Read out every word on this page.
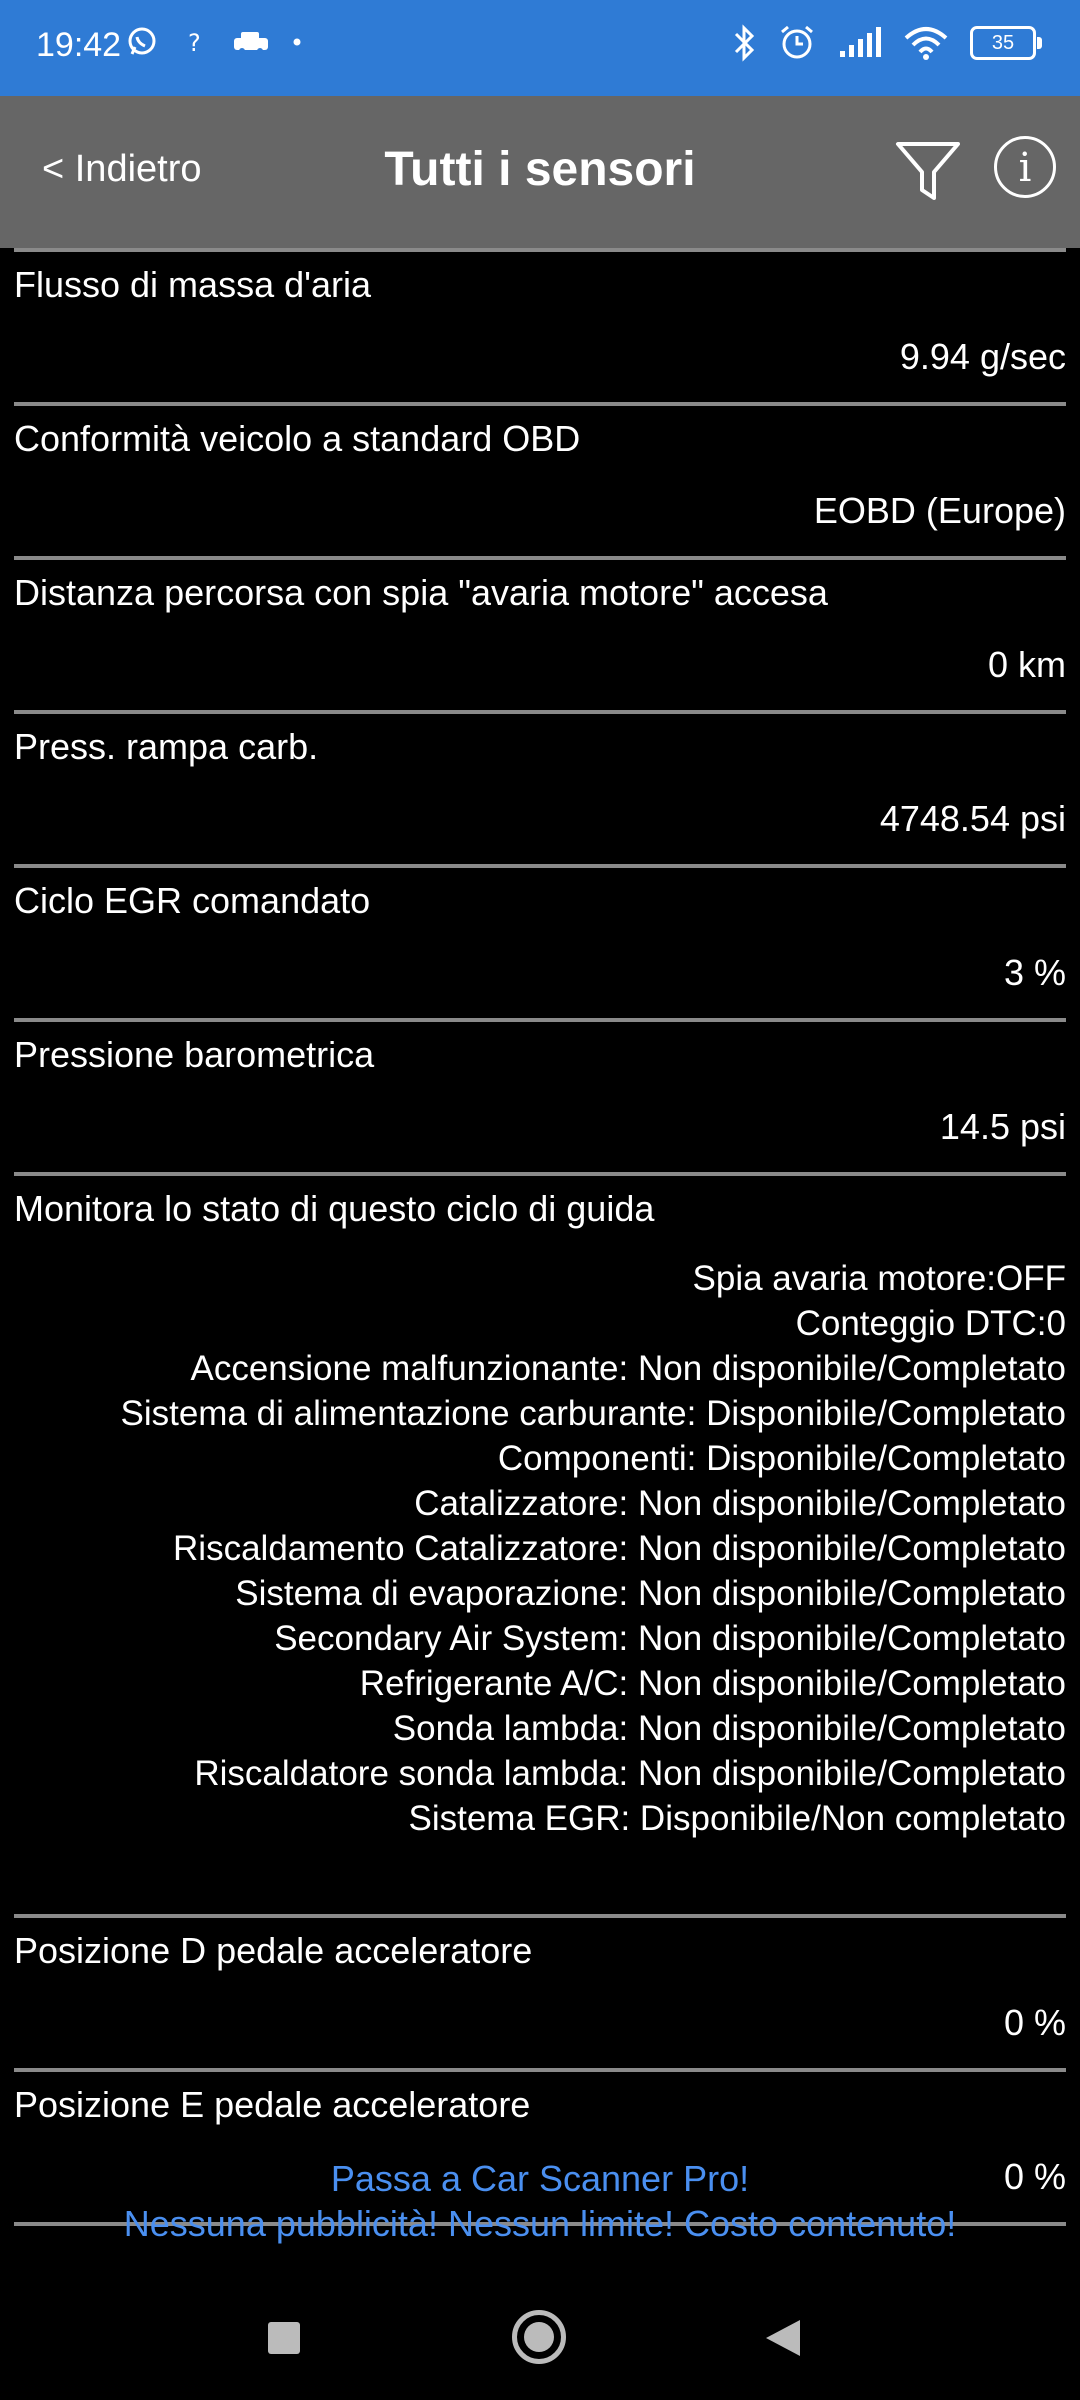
19:42	?	35
< Indietro	Tutti i sensori	i
Flusso di massa d'aria
9.94 g/sec
Conformità veicolo a standard OBD
EOBD (Europe)
Distanza percorsa con spia "avaria motore" accesa
0 km
Press. rampa carb.
4748.54 psi
Ciclo EGR comandato
3 %
Pressione barometrica
14.5 psi
Monitora lo stato di questo ciclo di guida
Spia avaria motore:OFF
Conteggio DTC:0
Accensione malfunzionante: Non disponibile/Completato
Sistema di alimentazione carburante: Disponibile/Completato
Componenti: Disponibile/Completato
Catalizzatore: Non disponibile/Completato
Riscaldamento Catalizzatore: Non disponibile/Completato
Sistema di evaporazione: Non disponibile/Completato
Secondary Air System: Non disponibile/Completato
Refrigerante A/C: Non disponibile/Completato
Sonda lambda: Non disponibile/Completato
Riscaldatore sonda lambda: Non disponibile/Completato
Sistema EGR: Disponibile/Non completato
Posizione D pedale acceleratore
0 %
Posizione E pedale acceleratore
0 %
Passa a Car Scanner Pro!
Nessuna pubblicità! Nessun limite! Costo contenuto!
